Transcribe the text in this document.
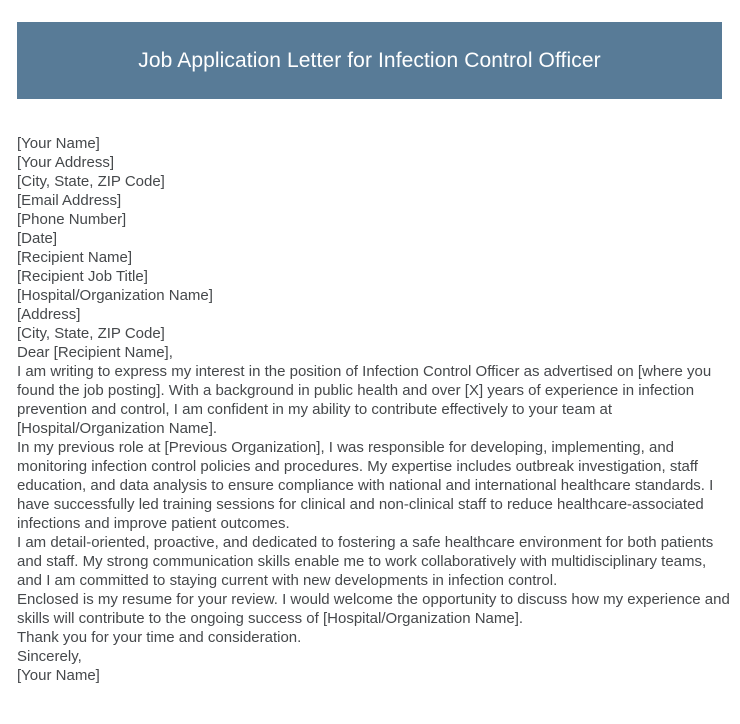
Job Application Letter for Infection Control Officer
[Your Name]
[Your Address]
[City, State, ZIP Code]
[Email Address]
[Phone Number]
[Date]
[Recipient Name]
[Recipient Job Title]
[Hospital/Organization Name]
[Address]
[City, State, ZIP Code]
Dear [Recipient Name],

I am writing to express my interest in the position of Infection Control Officer as advertised on [where you found the job posting]. With a background in public health and over [X] years of experience in infection prevention and control, I am confident in my ability to contribute effectively to your team at [Hospital/Organization Name].

In my previous role at [Previous Organization], I was responsible for developing, implementing, and monitoring infection control policies and procedures. My expertise includes outbreak investigation, staff education, and data analysis to ensure compliance with national and international healthcare standards. I have successfully led training sessions for clinical and non-clinical staff to reduce healthcare-associated infections and improve patient outcomes.

I am detail-oriented, proactive, and dedicated to fostering a safe healthcare environment for both patients and staff. My strong communication skills enable me to work collaboratively with multidisciplinary teams, and I am committed to staying current with new developments in infection control.

Enclosed is my resume for your review. I would welcome the opportunity to discuss how my experience and skills will contribute to the ongoing success of [Hospital/Organization Name].

Thank you for your time and consideration.

Sincerely,
[Your Name]
